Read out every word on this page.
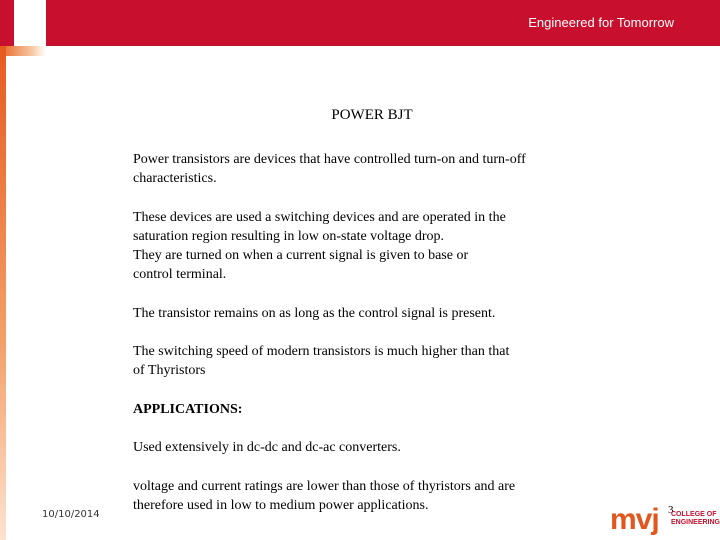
Engineered for Tomorrow
POWER BJT

Power transistors are devices that have controlled turn-on and turn-off

characteristics.

These devices are used a switching devices and are operated in the

saturation region resulting in low on-state voltage drop.

They are turned on when a current signal is given to base or

control terminal.

The transistor remains on as long as the control signal is present.

The switching speed of modern transistors is much higher than that

of Thyristors

APPLICATIONS:

Used extensively in dc-dc and dc-ac converters.

voltage and current ratings are lower than those of thyristors and are

therefore used in low to medium power applications.

10/10/2014	3
mvj COLLEGE OF
ENGINEERING
